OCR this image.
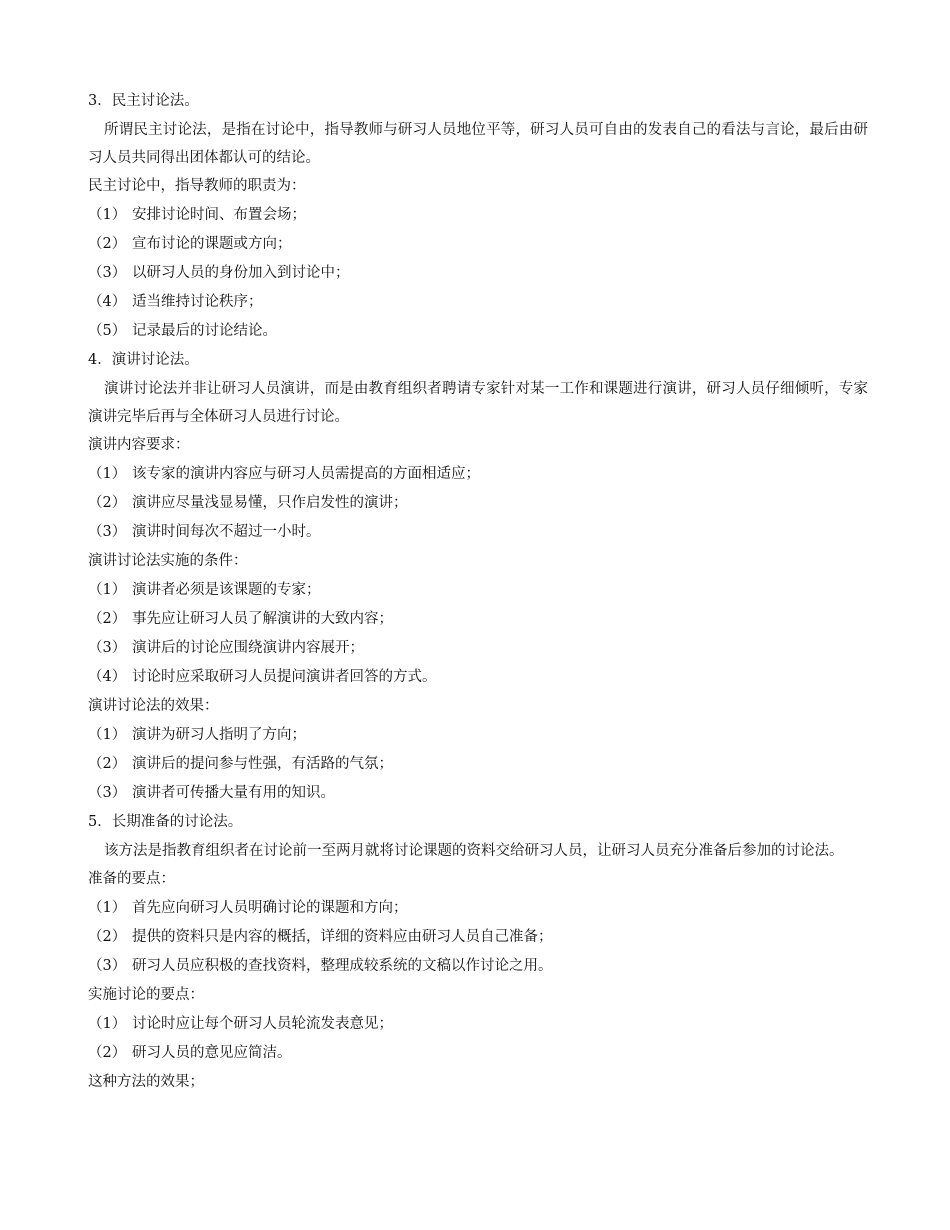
3．民主讨论法。
所谓民主讨论法，是指在讨论中，指导教师与研习人员地位平等，研习人员可自由的发表自己的看法与言论，最后由研习人员共同得出团体都认可的结论。
民主讨论中，指导教师的职责为：
（1） 安排讨论时间、布置会场；
（2） 宣布讨论的课题或方向；
（3） 以研习人员的身份加入到讨论中；
（4） 适当维持讨论秩序；
（5） 记录最后的讨论结论。
4．演讲讨论法。
演讲讨论法并非让研习人员演讲，而是由教育组织者聘请专家针对某一工作和课题进行演讲，研习人员仔细倾听，专家演讲完毕后再与全体研习人员进行讨论。
演讲内容要求：
（1） 该专家的演讲内容应与研习人员需提高的方面相适应；
（2） 演讲应尽量浅显易懂，只作启发性的演讲；
（3） 演讲时间每次不超过一小时。
演讲讨论法实施的条件：
（1） 演讲者必须是该课题的专家；
（2） 事先应让研习人员了解演讲的大致内容；
（3） 演讲后的讨论应围绕演讲内容展开；
（4） 讨论时应采取研习人员提问演讲者回答的方式。
演讲讨论法的效果：
（1） 演讲为研习人指明了方向；
（2） 演讲后的提问参与性强，有活路的气氛；
（3） 演讲者可传播大量有用的知识。
5．长期准备的讨论法。
该方法是指教育组织者在讨论前一至两月就将讨论课题的资料交给研习人员，让研习人员充分准备后参加的讨论法。
准备的要点：
（1） 首先应向研习人员明确讨论的课题和方向；
（2） 提供的资料只是内容的概括，详细的资料应由研习人员自己准备；
（3） 研习人员应积极的查找资料，整理成较系统的文稿以作讨论之用。
实施讨论的要点：
（1） 讨论时应让每个研习人员轮流发表意见；
（2） 研习人员的意见应简洁。
这种方法的效果；
